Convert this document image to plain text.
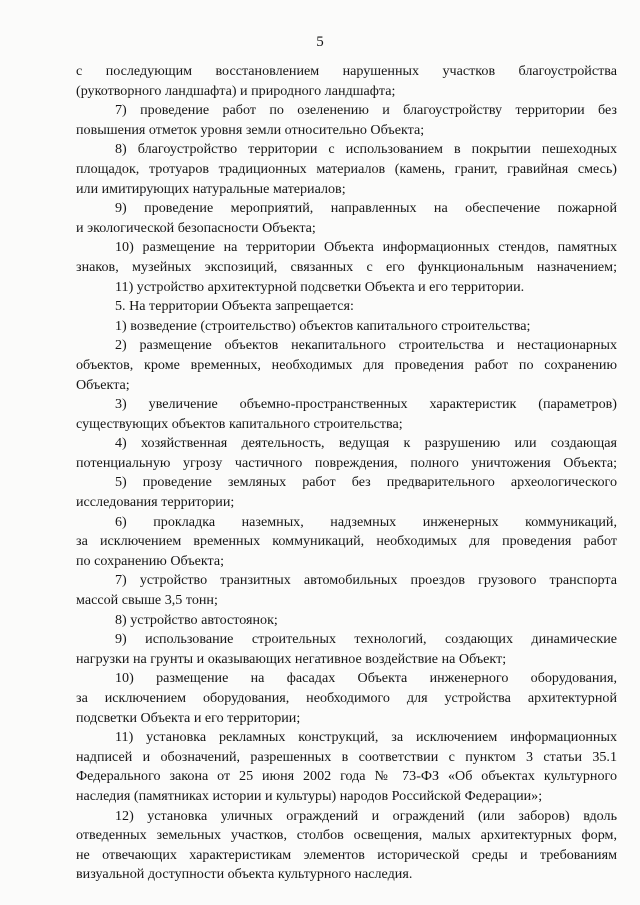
5
с последующим восстановлением нарушенных участков благоустройства
(рукотворного ландшафта) и природного ландшафта;
7) проведение работ по озеленению и благоустройству территории без
повышения отметок уровня земли относительно Объекта;
8) благоустройство территории с использованием в покрытии пешеходных
площадок, тротуаров традиционных материалов (камень, гранит, гравийная смесь)
или имитирующих натуральные материалов;
9) проведение мероприятий, направленных на обеспечение пожарной
и экологической безопасности Объекта;
10) размещение на территории Объекта информационных стендов, памятных
знаков, музейных экспозиций, связанных с его функциональным назначением;
11) устройство архитектурной подсветки Объекта и его территории.
5. На территории Объекта запрещается:
1) возведение (строительство) объектов капитального строительства;
2) размещение объектов некапитального строительства и нестационарных
объектов, кроме временных, необходимых для проведения работ по сохранению
Объекта;
3) увеличение объемно-пространственных характеристик (параметров)
существующих объектов капитального строительства;
4) хозяйственная деятельность, ведущая к разрушению или создающая
потенциальную угрозу частичного повреждения, полного уничтожения Объекта;
5) проведение земляных работ без предварительного археологического
исследования территории;
6) прокладка наземных, надземных инженерных коммуникаций,
за исключением временных коммуникаций, необходимых для проведения работ
по сохранению Объекта;
7) устройство транзитных автомобильных проездов грузового транспорта
массой свыше 3,5 тонн;
8) устройство автостоянок;
9) использование строительных технологий, создающих динамические
нагрузки на грунты и оказывающих негативное воздействие на Объект;
10) размещение на фасадах Объекта инженерного оборудования,
за исключением оборудования, необходимого для устройства архитектурной
подсветки Объекта и его территории;
11) установка рекламных конструкций, за исключением информационных
надписей и обозначений, разрешенных в соответствии с пунктом 3 статьи 35.1
Федерального закона от 25 июня 2002 года № 73-ФЗ «Об объектах культурного
наследия (памятниках истории и культуры) народов Российской Федерации»;
12) установка уличных ограждений и ограждений (или заборов) вдоль
отведенных земельных участков, столбов освещения, малых архитектурных форм,
не отвечающих характеристикам элементов исторической среды и требованиям
визуальной доступности объекта культурного наследия.
